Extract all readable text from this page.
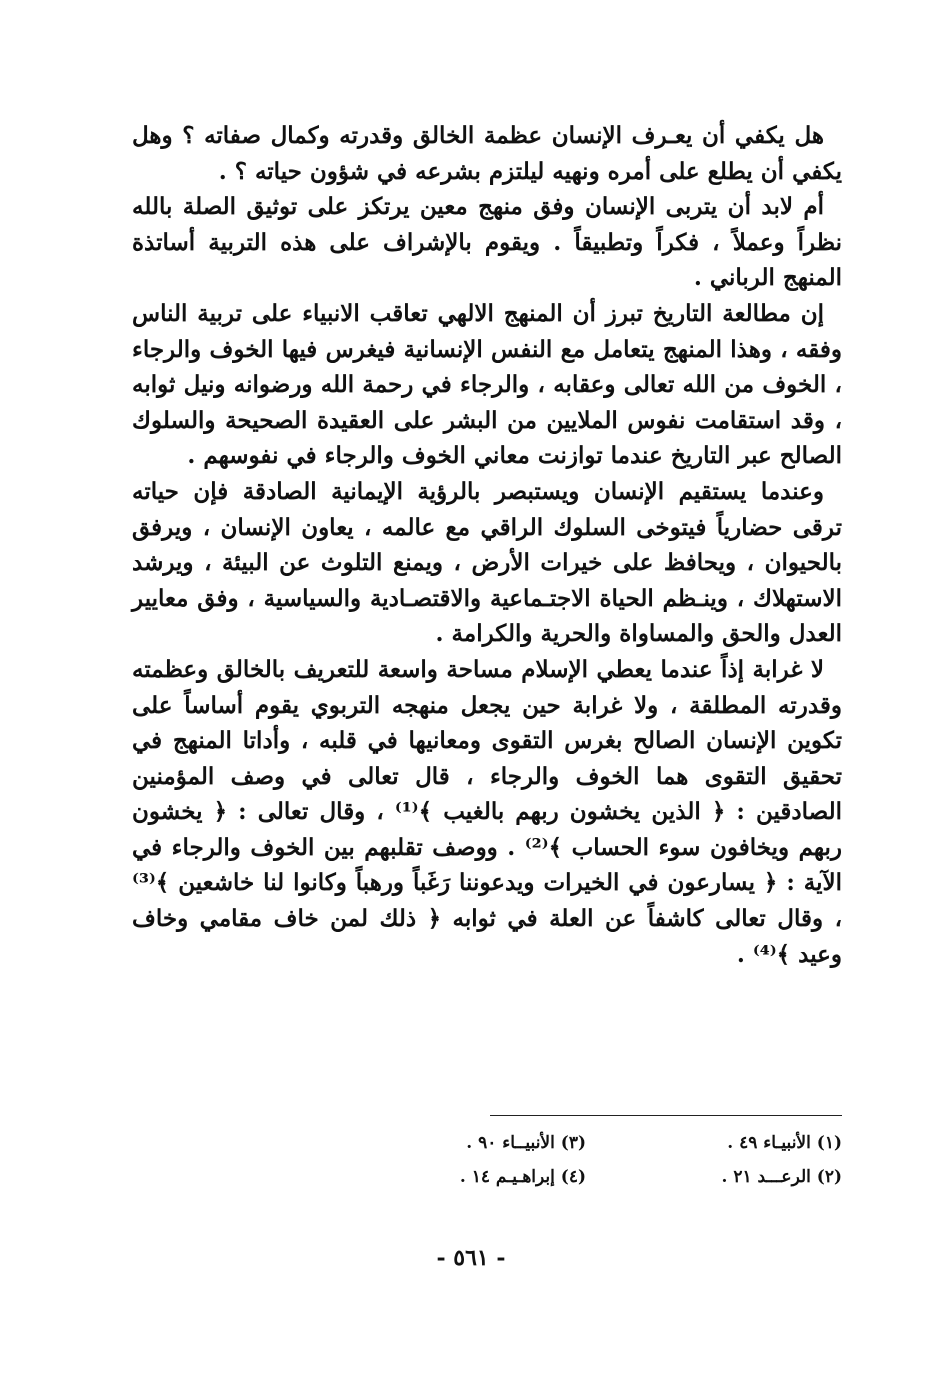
هل يكفي أن يعـرف الإنسان عظمة الخالق وقدرته وكمال صفاته ؟ وهل يكفي أن يطلع على أمره ونهيه ليلتزم بشرعه في شؤون حياته ؟ .

أم لابد أن يتربى الإنسان وفق منهج معين يرتكز على توثيق الصلة بالله نظراً وعملاً ، فكراً وتطبيقاً . ويقوم بالإشراف على هذه التربية أساتذة المنهج الرباني .

إن مطالعة التاريخ تبرز أن المنهج الالهي تعاقب الانبياء على تربية الناس وفقه ، وهذا المنهج يتعامل مع النفس الإنسانية فيغرس فيها الخوف والرجاء ، الخوف من الله تعالى وعقابه ، والرجاء في رحمة الله ورضوانه ونيل ثوابه ، وقد استقامت نفوس الملايين من البشر على العقيدة الصحيحة والسلوك الصالح عبر التاريخ عندما توازنت معاني الخوف والرجاء في نفوسهم .

وعندما يستقيم الإنسان ويستبصر بالرؤية الإيمانية الصادقة فإن حياته ترقى حضارياً فيتوخى السلوك الراقي مع عالمه ، يعاون الإنسان ، ويرفق بالحيوان ، ويحافظ على خيرات الأرض ، ويمنع التلوث عن البيئة ، ويرشد الاستهلاك ، وينـظم الحياة الاجتـماعية والاقتصـادية والسياسية ، وفق معايير العدل والحق والمساواة والحرية والكرامة .

لا غرابة إذاً عندما يعطي الإسلام مساحة واسعة للتعريف بالخالق وعظمته وقدرته المطلقة ، ولا غرابة حين يجعل منهجه التربوي يقوم أساساً على تكوين الإنسان الصالح بغرس التقوى ومعانيها في قلبه ، وأداتا المنهج في تحقيق التقوى هما الخوف والرجاء ، قال تعالى في وصف المؤمنين الصادقين : ﴿ الذين يخشون ربهم بالغيب ﴾⁽¹⁾ ، وقال تعالى : ﴿ يخشون ربهم ويخافون سوء الحساب ﴾⁽²⁾ . ووصف تقلبهم بين الخوف والرجاء في الآية : ﴿ يسارعون في الخيرات ويدعوننا رَغَباً ورهباً وكانوا لنا خاشعين ﴾⁽³⁾ ، وقال تعالى كاشفاً عن العلة في ثوابه ﴿ ذلك لمن خاف مقامي وخاف وعيد ﴾⁽⁴⁾ .

(١) الأنبيـاء ٤٩ .
(٣) الأنبيــاء ٩٠ .
(٢) الرعـــد ٢١ .
(٤) إبراهـيـم ١٤ .
- ٥٦١ -
